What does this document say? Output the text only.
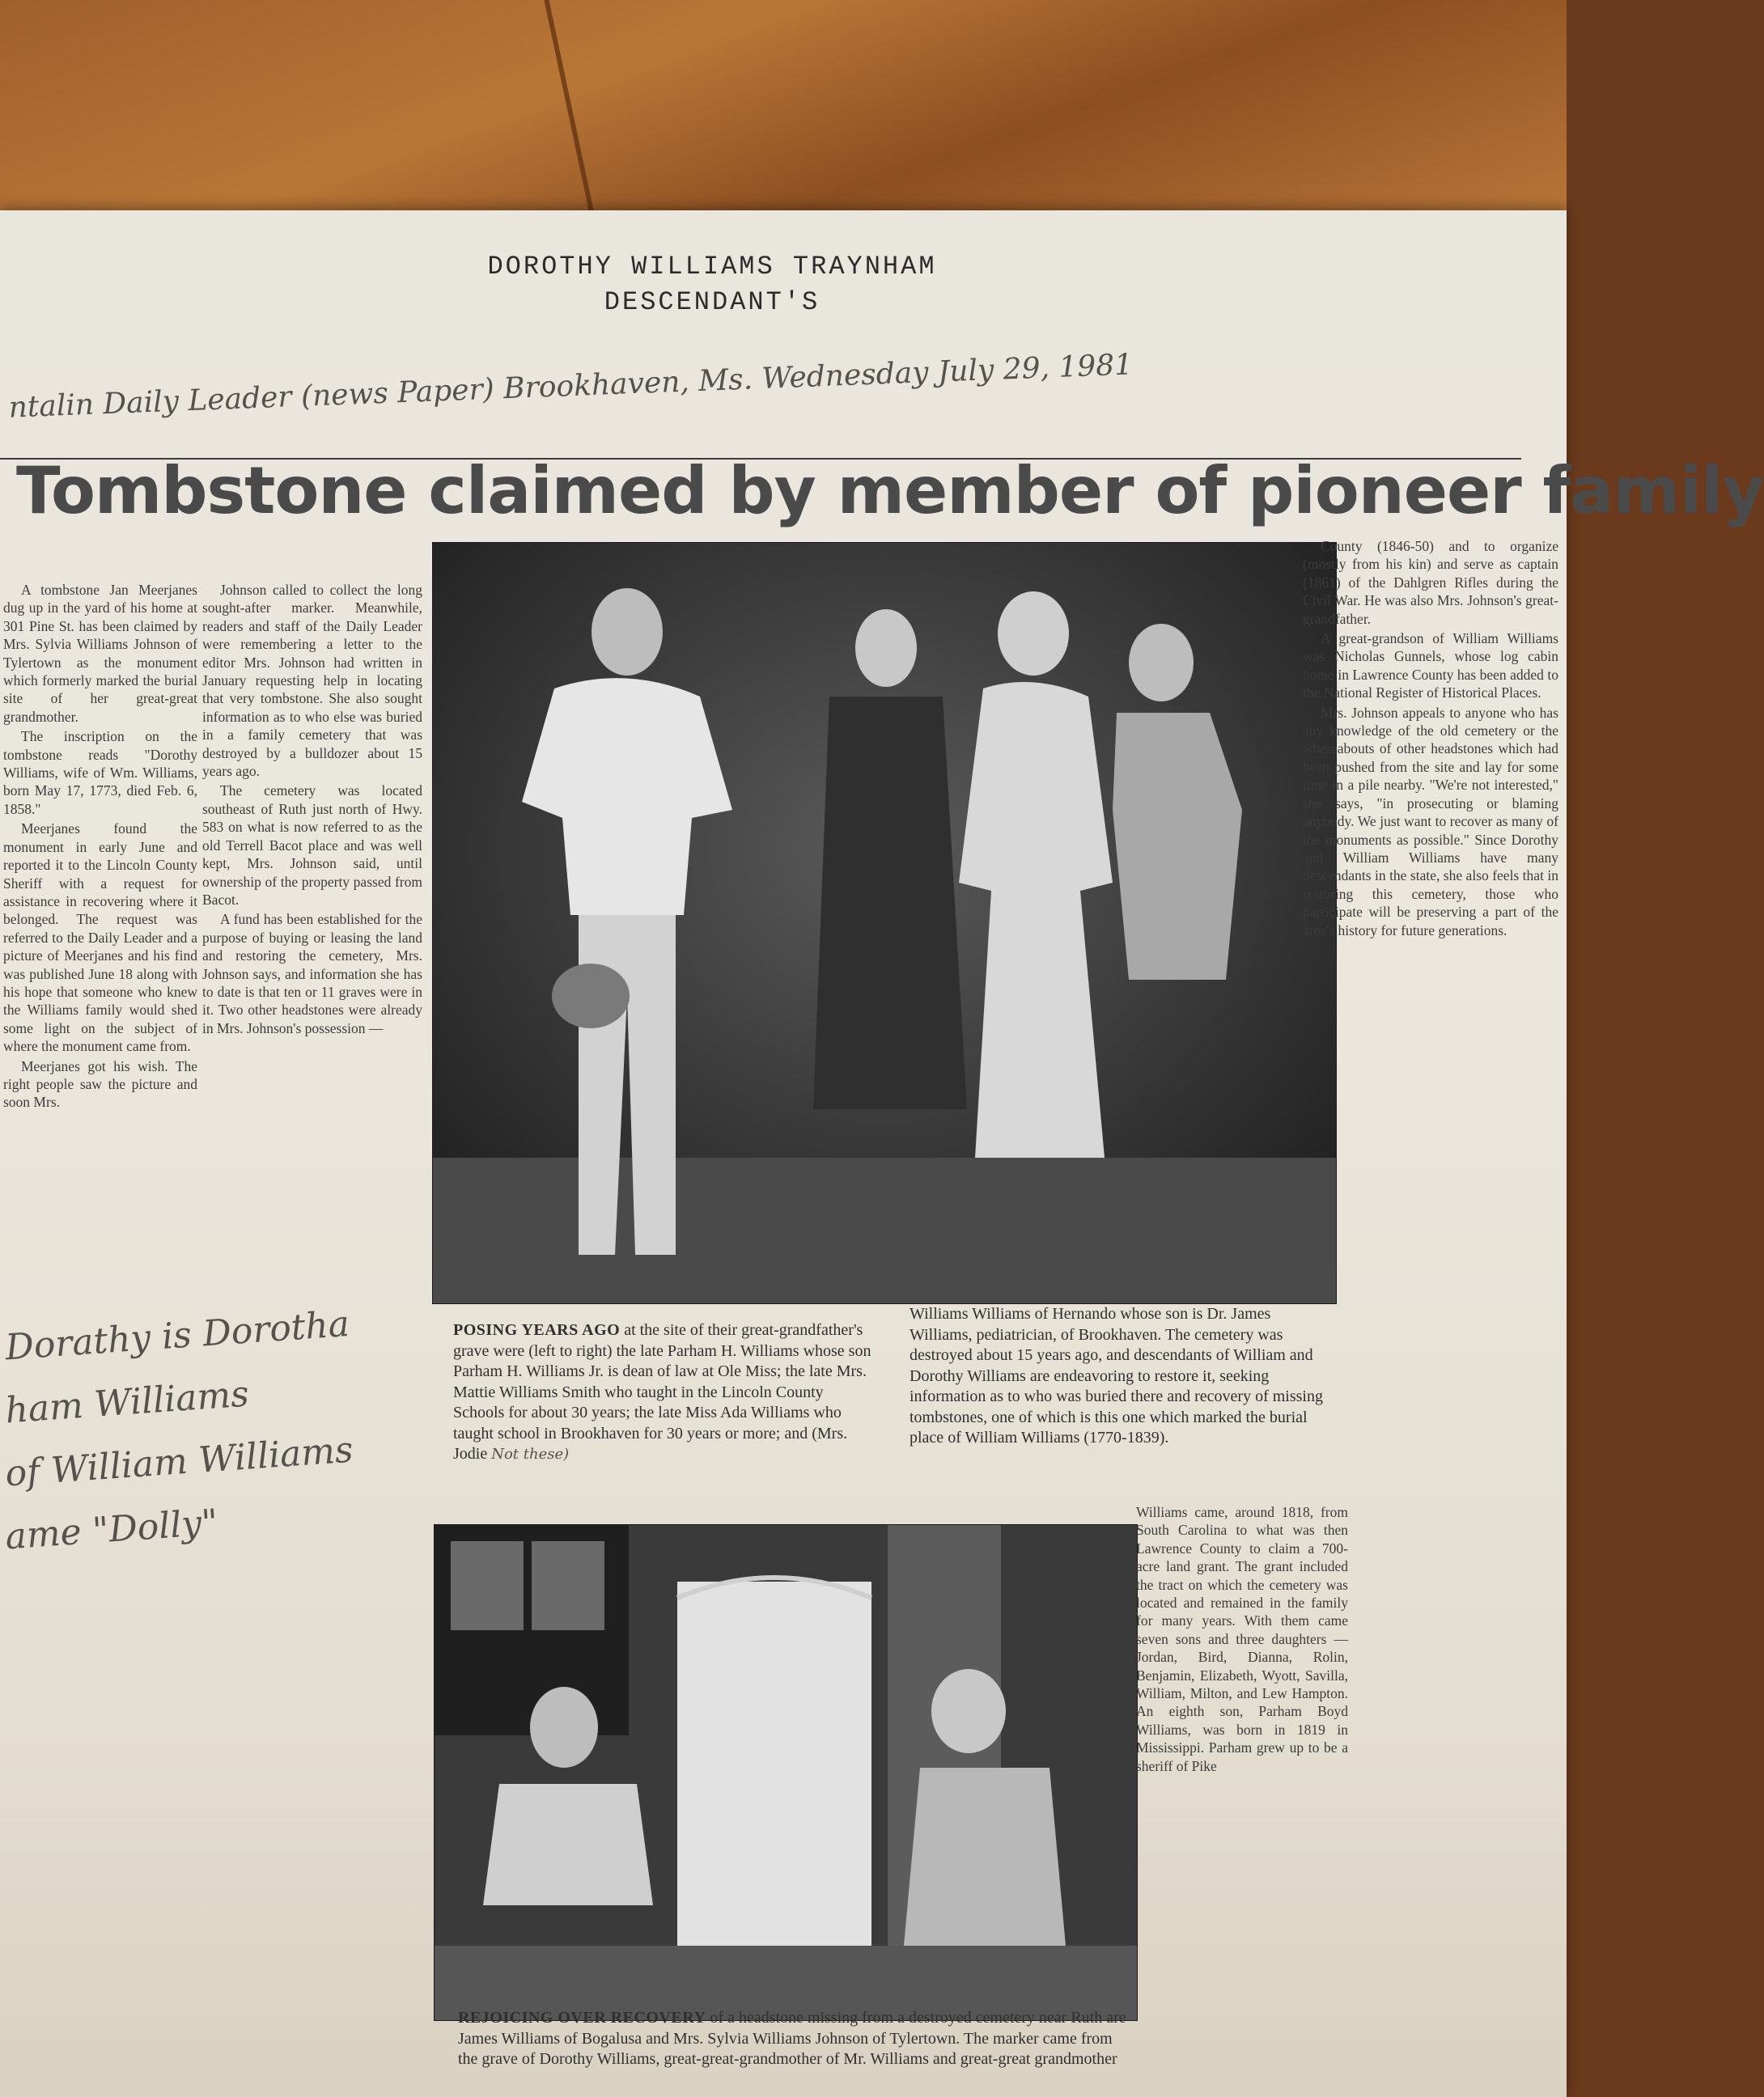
DOROTHY WILLIAMS TRAYNHAM
DESCENDANT'S
ntalin Daily Leader (news Paper) Brookhaven, Ms. Wednesday July 29, 1981
Tombstone claimed by member of pioneer family

A tombstone Jan Meerjanes dug up in the yard of his home at 301 Pine St. has been claimed by Mrs. Sylvia Williams Johnson of Tylertown as the monument which formerly marked the burial site of her great-great grandmother.

The inscription on the tombstone reads "Dorothy Williams, wife of Wm. Williams, born May 17, 1773, died Feb. 6, 1858."

Meerjanes found the monument in early June and reported it to the Lincoln County Sheriff with a request for assistance in recovering where it belonged. The request was referred to the Daily Leader and a picture of Meerjanes and his find was published June 18 along with his hope that someone who knew the Williams family would shed some light on the subject of where the monument came from.

Meerjanes got his wish. The right people saw the picture and soon Mrs.

Johnson called to collect the long sought-after marker. Meanwhile, readers and staff of the Daily Leader were remembering a letter to the editor Mrs. Johnson had written in January requesting help in locating that very tombstone. She also sought information as to who else was buried in a family cemetery that was destroyed by a bulldozer about 15 years ago.

The cemetery was located southeast of Ruth just north of Hwy. 583 on what is now referred to as the old Terrell Bacot place and was well kept, Mrs. Johnson said, until ownership of the property passed from Bacot.

A fund has been established for the purpose of buying or leasing the land and restoring the cemetery, Mrs. Johnson says, and information she has to date is that ten or 11 graves were in it. Two other headstones were already in Mrs. Johnson's possession —

County (1846-50) and to organize (mostly from his kin) and serve as captain (1861) of the Dahlgren Rifles during the Civil War. He was also Mrs. Johnson's great-grandfather.

A great-grandson of William Williams was Nicholas Gunnels, whose log cabin home in Lawrence County has been added to the National Register of Historical Places.

Mrs. Johnson appeals to anyone who has any knowledge of the old cemetery or the whereabouts of other headstones which had been pushed from the site and lay for some time in a pile nearby. "We're not interested," she says, "in prosecuting or blaming anybody. We just want to recover as many of the monuments as possible." Since Dorothy and William Williams have many descendants in the state, she also feels that in restoring this cemetery, those who participate will be preserving a part of the area's history for future generations.

POSING YEARS AGO at the site of their great-grandfather's grave were (left to right) the late Parham H. Williams whose son Parham H. Williams Jr. is dean of law at Ole Miss; the late Mrs. Mattie Williams Smith who taught in the Lincoln County Schools for about 30 years; the late Miss Ada Williams who taught school in Brookhaven for 30 years or more; and (Mrs. Jodie Not these)
Williams Williams of Hernando whose son is Dr. James Williams, pediatrician, of Brookhaven. The cemetery was destroyed about 15 years ago, and descendants of William and Dorothy Williams are endeavoring to restore it, seeking information as to who was buried there and recovery of missing tombstones, one of which is this one which marked the burial place of William Williams (1770-1839).
Dorathy is Dorotha
ham Williams
of William Williams
ame "Dolly"	Williams came, around 1818, from South Carolina to what was then Lawrence County to claim a 700-acre land grant. The grant included the tract on which the cemetery was located and remained in the family for many years. With them came seven sons and three daughters — Jordan, Bird, Dianna, Rolin, Benjamin, Elizabeth, Wyott, Savilla, William, Milton, and Lew Hampton. An eighth son, Parham Boyd Williams, was born in 1819 in Mississippi. Parham grew up to be a sheriff of Pike

REJOICING OVER RECOVERY of a headstone missing from a destroyed cemetery near Ruth are James Williams of Bogalusa and Mrs. Sylvia Williams Johnson of Tylertown. The marker came from the grave of Dorothy Williams, great-great-grandmother of Mr. Williams and great-great grandmother
